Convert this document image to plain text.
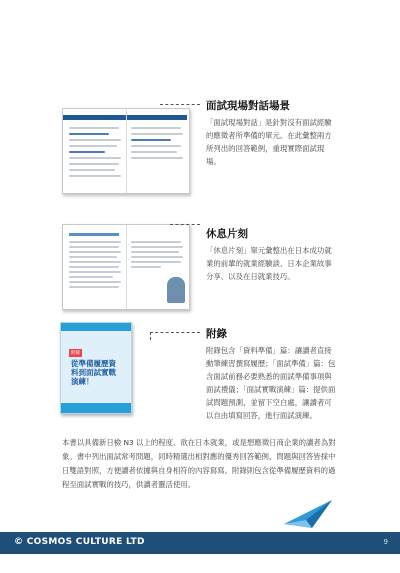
面試現場對話場景
「面試現場對話」是針對沒有面試經驗的應徵者所準備的單元。在此彙整兩方所列出的回答範例，重現實際面試現場。
休息片刻
「休息片刻」單元彙整出在日本成功就業的前輩的就業經驗談、日本企業故事分享、以及在日就業技巧。
附錄
從準備履歷資料到面試實戰演練！
附錄
附錄包含「資料準備」篇：讓讀者直接動筆練習撰寫履歷；「面試準備」篇：包含面試前務必要熟悉的面試準備事項與面試禮儀；「面試實戰演練」篇：提供面試問題預測，並留下空白處，讓讀者可以自由填寫回答，進行面試演練。
本書以具備新日檢 N3 以上的程度、欲在日本就業，或是想應徵日商企業的讀者為對象。書中列出面試常考問題，同時精選出相對應的優秀回答範例，問題與回答皆採中日雙語對照，方便讀者依據與自身相符的內容寫寫。附錄則包含從準備履歷資料的過程至面試實戰的技巧，供讀者靈活使用。
© COSMOS CULTURE LTD	9
